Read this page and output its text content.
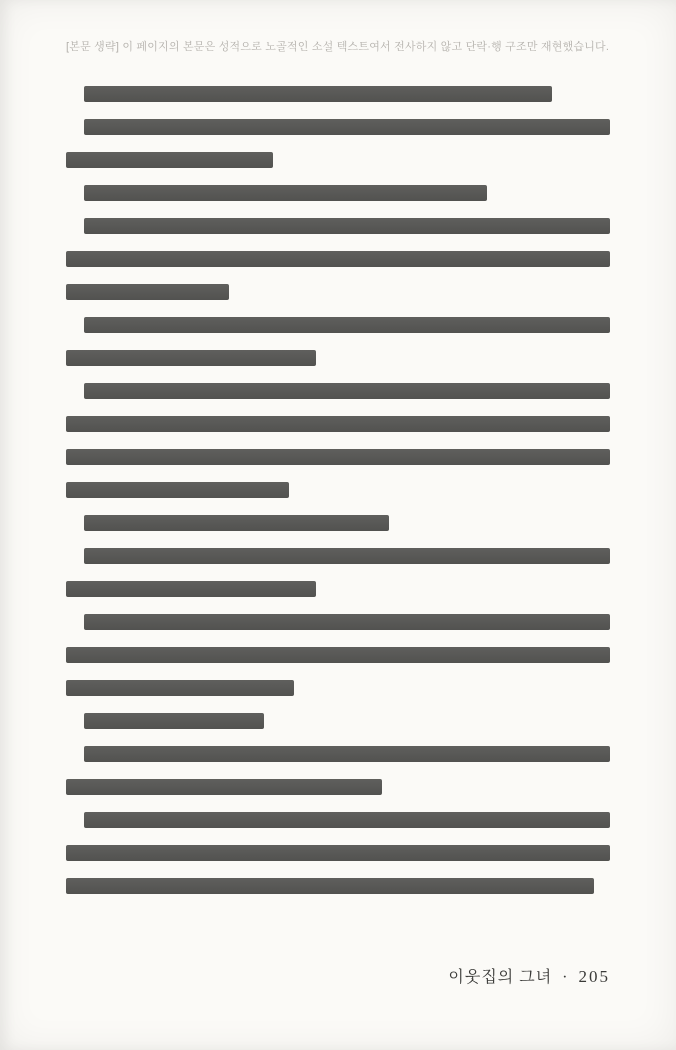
[본문 생략] 이 페이지의 본문은 성적으로 노골적인 소설 텍스트여서 전사하지 않고 단락·행 구조만 재현했습니다.
이웃집의 그녀 · 205
